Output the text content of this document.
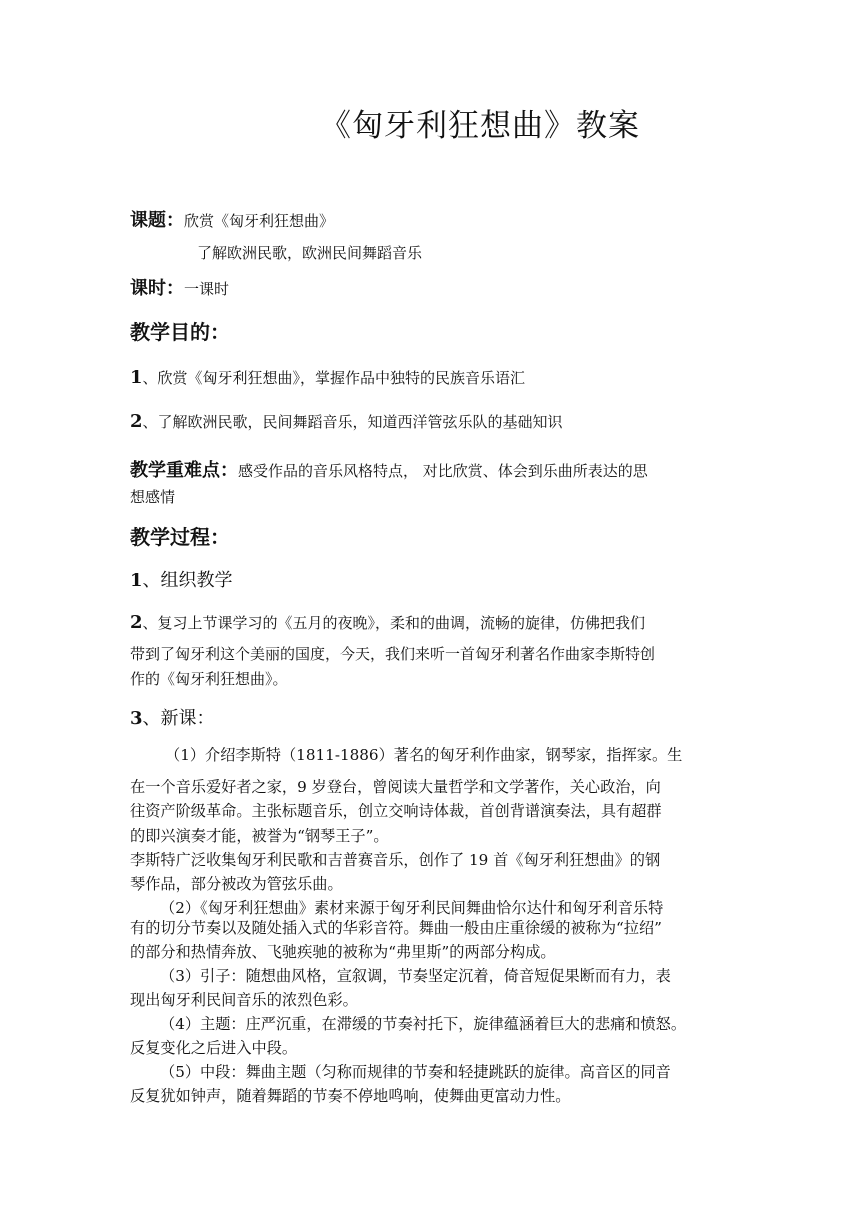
《匈牙利狂想曲》教案
课题：欣赏《匈牙利狂想曲》
了解欧洲民歌，欧洲民间舞蹈音乐
课时：一课时
教学目的：
1、欣赏《匈牙利狂想曲》，掌握作品中独特的民族音乐语汇
2、了解欧洲民歌，民间舞蹈音乐，知道西洋管弦乐队的基础知识
教学重难点：感受作品的音乐风格特点， 对比欣赏、体会到乐曲所表达的思
想感情
教学过程：
1、组织教学
2、复习上节课学习的《五月的夜晚》，柔和的曲调，流畅的旋律，仿佛把我们
带到了匈牙利这个美丽的国度，今天，我们来听一首匈牙利著名作曲家李斯特创
作的《匈牙利狂想曲》。
3、新课：
（1）介绍李斯特（1811-1886）著名的匈牙利作曲家，钢琴家，指挥家。生
在一个音乐爱好者之家，9 岁登台，曾阅读大量哲学和文学著作，关心政治，向
往资产阶级革命。主张标题音乐，创立交响诗体裁，首创背谱演奏法，具有超群
的即兴演奏才能，被誉为“钢琴王子”。
李斯特广泛收集匈牙利民歌和吉普赛音乐，创作了 19 首《匈牙利狂想曲》的钢
琴作品，部分被改为管弦乐曲。
（2）《匈牙利狂想曲》素材来源于匈牙利民间舞曲恰尔达什和匈牙利音乐特
有的切分节奏以及随处插入式的华彩音符。舞曲一般由庄重徐缓的被称为“拉绍”
的部分和热情奔放、飞驰疾驰的被称为“弗里斯”的两部分构成。
（3）引子：随想曲风格，宣叙调，节奏坚定沉着，倚音短促果断而有力，表
现出匈牙利民间音乐的浓烈色彩。
（4）主题：庄严沉重，在滞缓的节奏衬托下，旋律蕴涵着巨大的悲痛和愤怒。
反复变化之后进入中段。
（5）中段：舞曲主题（匀称而规律的节奏和轻捷跳跃的旋律。高音区的同音
反复犹如钟声，随着舞蹈的节奏不停地鸣响，使舞曲更富动力性。
